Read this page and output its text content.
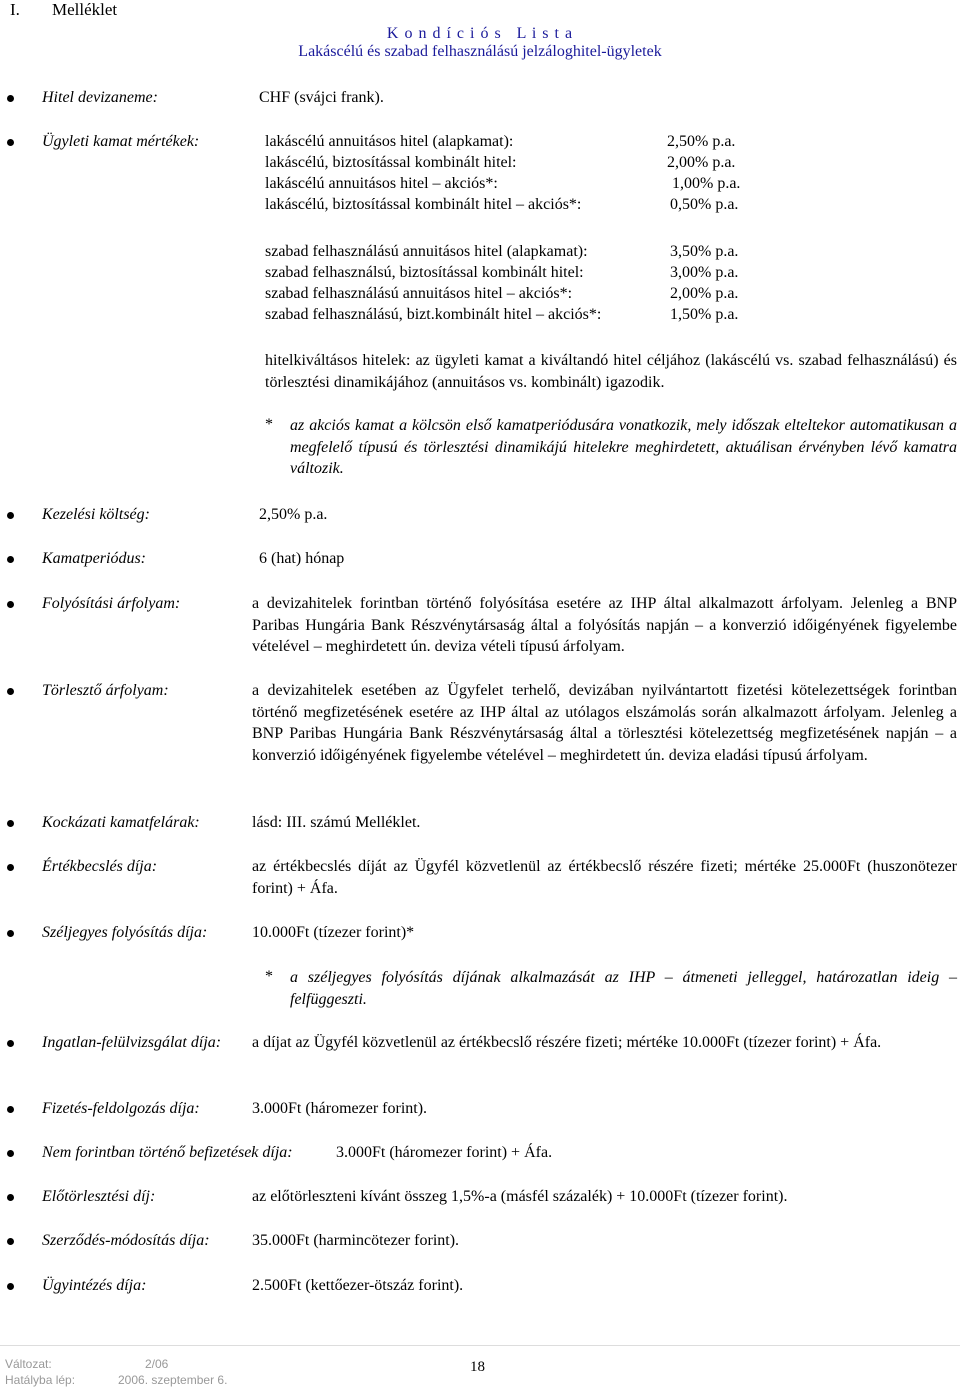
I. Melléklet
K o n d í c i ó s   L i s t a
Lakáscélú és szabad felhasználású jelzáloghitel-ügyletek
Hitel devizaneme:	CHF (svájci frank).
Ügyleti kamat mértékek:	lakáscélú annuitásos hitel (alapkamat):	2,50% p.a.
lakáscélú, biztosítással kombinált hitel:	2,00% p.a.
lakáscélú annuitásos hitel – akciós*:	1,00% p.a.
lakáscélú, biztosítással kombinált hitel – akciós*:	0,50% p.a.
szabad felhasználású annuitásos hitel (alapkamat):	3,50% p.a.
szabad felhasználsú, biztosítással kombinált hitel:	3,00% p.a.
szabad felhasználású annuitásos hitel – akciós*:	2,00% p.a.
szabad felhasználású, bizt.kombinált hitel – akciós*:	1,50% p.a.
hitelkiváltásos hitelek: az ügyleti kamat a kiváltandó hitel céljához (lakáscélú vs. szabad felhasználású) és törlesztési dinamikájához (annuitásos vs. kombinált) igazodik.
* az akciós kamat a kölcsön első kamatperiódusára vonatkozik, mely időszak elteltekor automatikusan a megfelelő típusú és törlesztési dinamikájú hitelekre meghirdetett, aktuálisan érvényben lévő kamatra változik.
Kezelési költség:	2,50% p.a.
Kamatperiódus:	6 (hat) hónap
Folyósítási árfolyam:	a devizahitelek forintban történő folyósítása esetére az IHP által alkalmazott árfolyam. Jelenleg a BNP Paribas Hungária Bank Részvénytársaság által a folyósítás napján – a konverzió időigényének figyelembe vételével – meghirdetett ún. deviza vételi típusú árfolyam.
Törlesztő árfolyam:	a devizahitelek esetében az Ügyfelet terhelő, devizában nyilvántartott fizetési kötelezettségek forintban történő megfizetésének esetére az IHP által az utólagos elszámolás során alkalmazott árfolyam. Jelenleg a BNP Paribas Hungária Bank Részvénytársaság által a törlesztési kötelezettség megfizetésének napján – a konverzió időigényének figyelembe vételével – meghirdetett ún. deviza eladási típusú árfolyam.
Kockázati kamatfelárak:	lásd: III. számú Melléklet.
Értékbecslés díja:	az értékbecslés díját az Ügyfél közvetlenül az értékbecslő részére fizeti; mértéke 25.000Ft (huszonötezer forint) + Áfa.
Széljegyes folyósítás díja:	10.000Ft (tízezer forint)*
* a széljegyes folyósítás díjának alkalmazását az IHP – átmeneti jelleggel, határozatlan ideig – felfüggeszti.
Ingatlan-felülvizsgálat díja: a díjat az Ügyfél közvetlenül az értékbecslő részére fizeti; mértéke 10.000Ft (tízezer forint) + Áfa.
Fizetés-feldolgozás díja:	3.000Ft (háromezer forint).
Nem forintban történő befizetések díja:	3.000Ft (háromezer forint) + Áfa.
Előtörlesztési díj:	az előtörleszteni kívánt összeg 1,5%-a (másfél százalék) + 10.000Ft (tízezer forint).
Szerződés-módosítás díja:	35.000Ft (harmincötezer forint).
Ügyintézés díja:	2.500Ft (kettőezer-ötszáz forint).
Változat:	2/06
Hatályba lép:	2006. szeptember 6.
18
